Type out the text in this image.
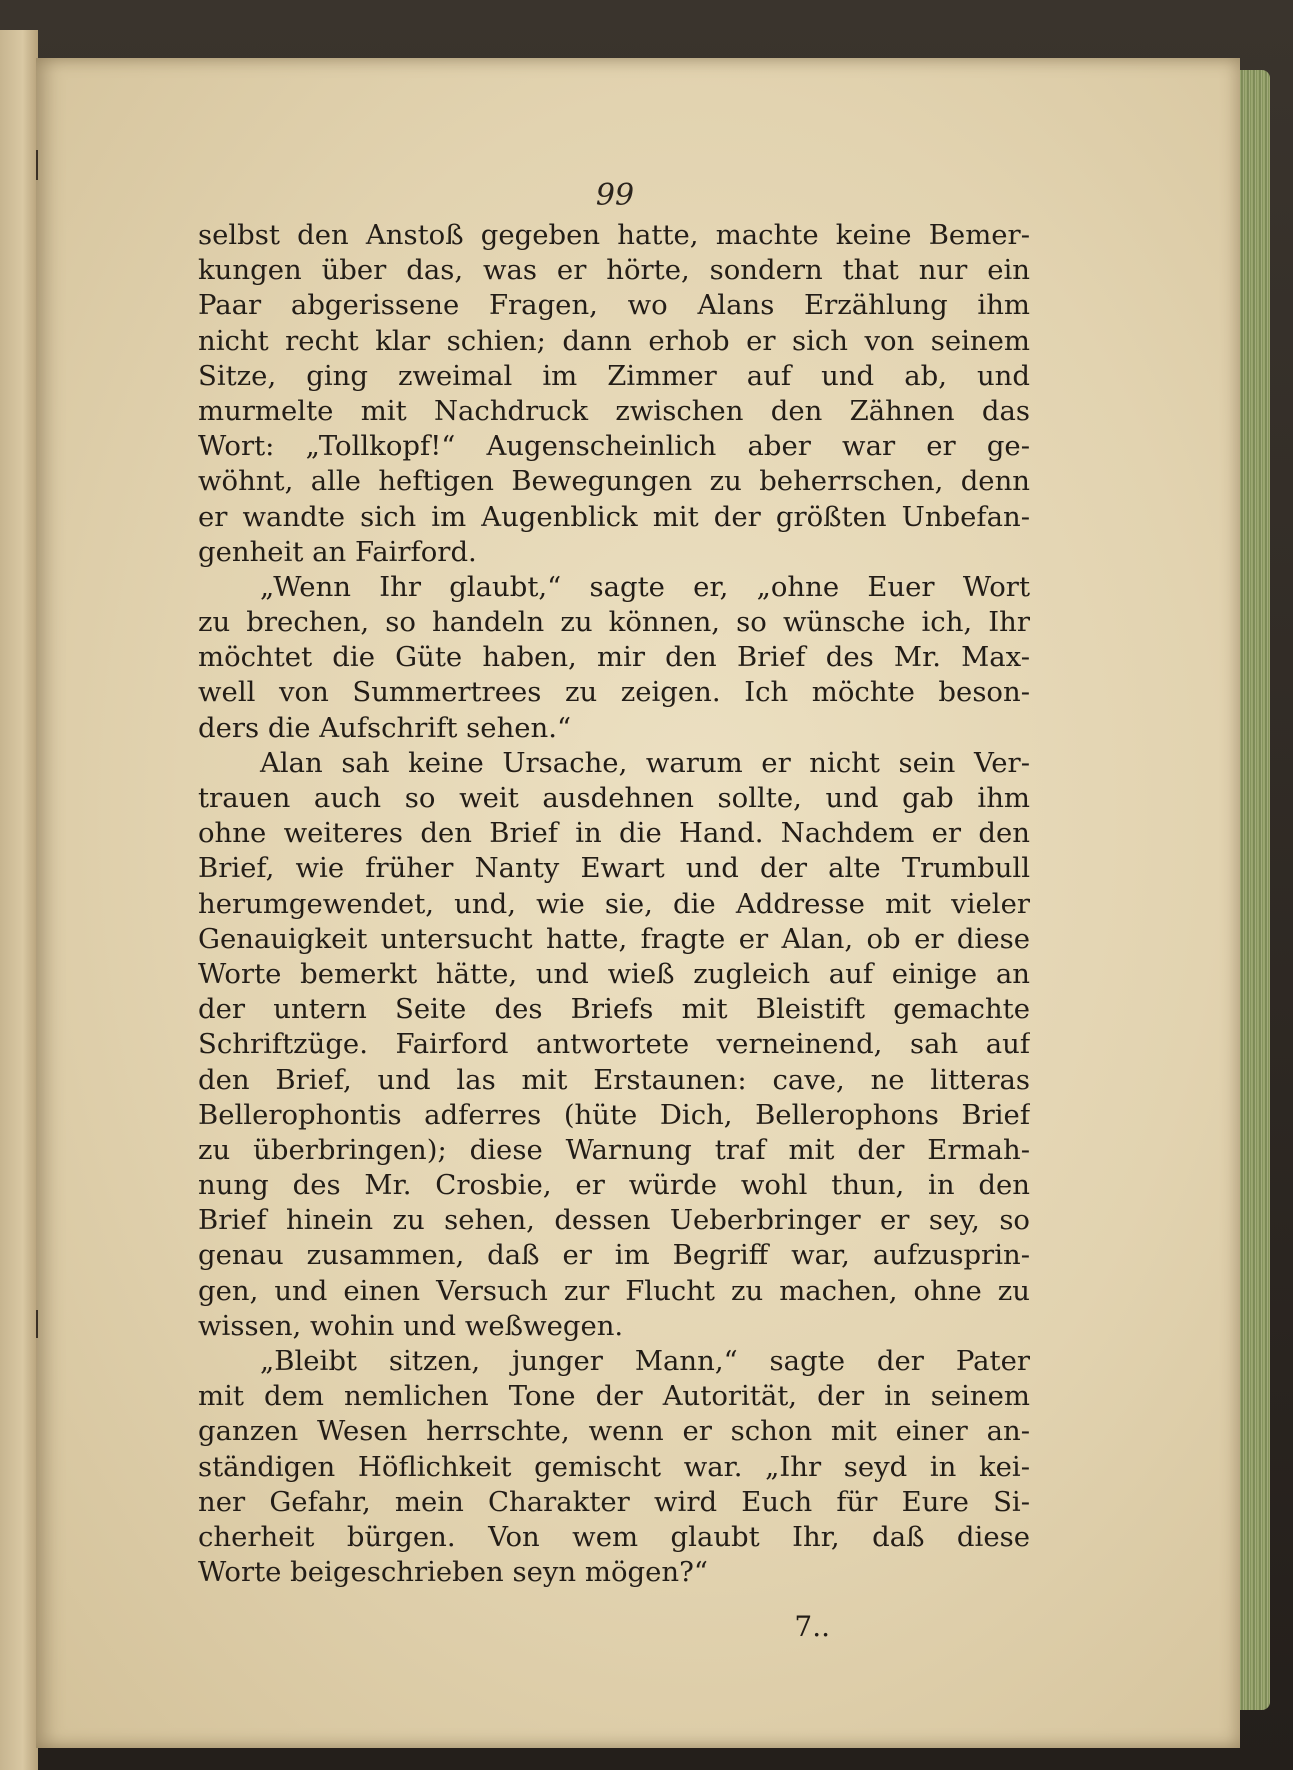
99
selbst den Anstoß gegeben hatte, machte keine Bemer-
kungen über das, was er hörte, sondern that nur ein
Paar abgerissene Fragen, wo Alans Erzählung ihm
nicht recht klar schien; dann erhob er sich von seinem
Sitze, ging zweimal im Zimmer auf und ab, und
murmelte mit Nachdruck zwischen den Zähnen das
Wort: „Tollkopf!“ Augenscheinlich aber war er ge-
wöhnt, alle heftigen Bewegungen zu beherrschen, denn
er wandte sich im Augenblick mit der größten Unbefan-
genheit an Fairford.
„Wenn Ihr glaubt,“ sagte er, „ohne Euer Wort
zu brechen, so handeln zu können, so wünsche ich, Ihr
möchtet die Güte haben, mir den Brief des Mr. Max-
well von Summertrees zu zeigen. Ich möchte beson-
ders die Aufschrift sehen.“
Alan sah keine Ursache, warum er nicht sein Ver-
trauen auch so weit ausdehnen sollte, und gab ihm
ohne weiteres den Brief in die Hand. Nachdem er den
Brief, wie früher Nanty Ewart und der alte Trumbull
herumgewendet, und, wie sie, die Addresse mit vieler
Genauigkeit untersucht hatte, fragte er Alan, ob er diese
Worte bemerkt hätte, und wieß zugleich auf einige an
der untern Seite des Briefs mit Bleistift gemachte
Schriftzüge. Fairford antwortete verneinend, sah auf
den Brief, und las mit Erstaunen: cave, ne litteras
Bellerophontis adferres (hüte Dich, Bellerophons Brief
zu überbringen); diese Warnung traf mit der Ermah-
nung des Mr. Crosbie, er würde wohl thun, in den
Brief hinein zu sehen, dessen Ueberbringer er sey, so
genau zusammen, daß er im Begriff war, aufzusprin-
gen, und einen Versuch zur Flucht zu machen, ohne zu
wissen, wohin und weßwegen.
„Bleibt sitzen, junger Mann,“ sagte der Pater
mit dem nemlichen Tone der Autorität, der in seinem
ganzen Wesen herrschte, wenn er schon mit einer an-
ständigen Höflichkeit gemischt war. „Ihr seyd in kei-
ner Gefahr, mein Charakter wird Euch für Eure Si-
cherheit bürgen. Von wem glaubt Ihr, daß diese
Worte beigeschrieben seyn mögen?“
7..
